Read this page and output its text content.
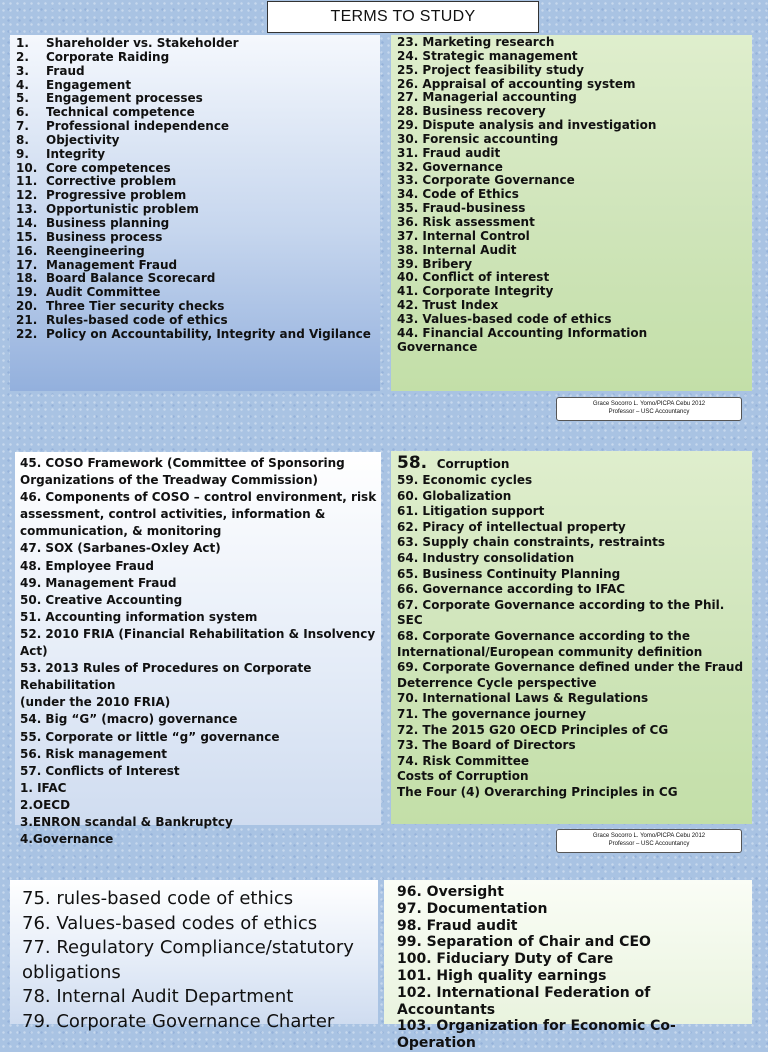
TERMS TO STUDY
1. Shareholder vs. Stakeholder
2. Corporate Raiding
3. Fraud
4. Engagement
5. Engagement processes
6. Technical competence
7. Professional independence
8. Objectivity
9. Integrity
10. Core competences
11. Corrective problem
12. Progressive problem
13. Opportunistic problem
14. Business planning
15. Business process
16. Reengineering
17. Management Fraud
18. Board Balance Scorecard
19. Audit Committee
20. Three Tier security checks
21. Rules-based code of ethics
22. Policy on Accountability, Integrity and Vigilance
23. Marketing research
24. Strategic management
25. Project feasibility study
26. Appraisal of accounting system
27. Managerial accounting
28. Business recovery
29. Dispute analysis and investigation
30. Forensic accounting
31. Fraud audit
32. Governance
33. Corporate Governance
34. Code of Ethics
35. Fraud-business
36. Risk assessment
37. Internal Control
38. Internal Audit
39. Bribery
40. Conflict of interest
41. Corporate Integrity
42. Trust Index
43. Values-based code of ethics
44. Financial Accounting Information
Governance
Grace Socorro L. Yomo/PICPA Cebu 2012
Professor – USC Accountancy
45. COSO Framework (Committee of Sponsoring
Organizations of the Treadway Commission)
46. Components of COSO – control environment, risk
assessment, control activities, information &
communication, & monitoring
47. SOX (Sarbanes-Oxley Act)
48. Employee Fraud
49. Management Fraud
50. Creative Accounting
51. Accounting information system
52. 2010 FRIA (Financial Rehabilitation & Insolvency Act)
53. 2013 Rules of Procedures on Corporate Rehabilitation
(under the 2010 FRIA)
54. Big “G” (macro) governance
55. Corporate or little “g” governance
56. Risk management
57. Conflicts of Interest
1. IFAC
2.OECD
3.ENRON scandal & Bankruptcy
4.Governance
58. Corruption
59. Economic cycles
60. Globalization
61. Litigation support
62. Piracy of intellectual property
63. Supply chain constraints, restraints
64. Industry consolidation
65. Business Continuity Planning
66. Governance according to IFAC
67. Corporate Governance according to the Phil. SEC
68. Corporate Governance according to the
International/European community definition
69. Corporate Governance defined under the Fraud
Deterrence Cycle perspective
70. International Laws & Regulations
71. The governance journey
72. The 2015 G20 OECD Principles of CG
73. The Board of Directors
74. Risk Committee
Costs of Corruption
The Four (4) Overarching Principles in CG
Grace Socorro L. Yomo/PICPA Cebu 2012
Professor – USC Accountancy
75. rules-based code of ethics
76. Values-based codes of ethics
77. Regulatory Compliance/statutory
obligations
78. Internal Audit Department
79. Corporate Governance Charter
96. Oversight
97. Documentation
98. Fraud audit
99. Separation of Chair and CEO
100. Fiduciary Duty of Care
101. High quality earnings
102. International Federation of Accountants
103. Organization for Economic Co-Operation
